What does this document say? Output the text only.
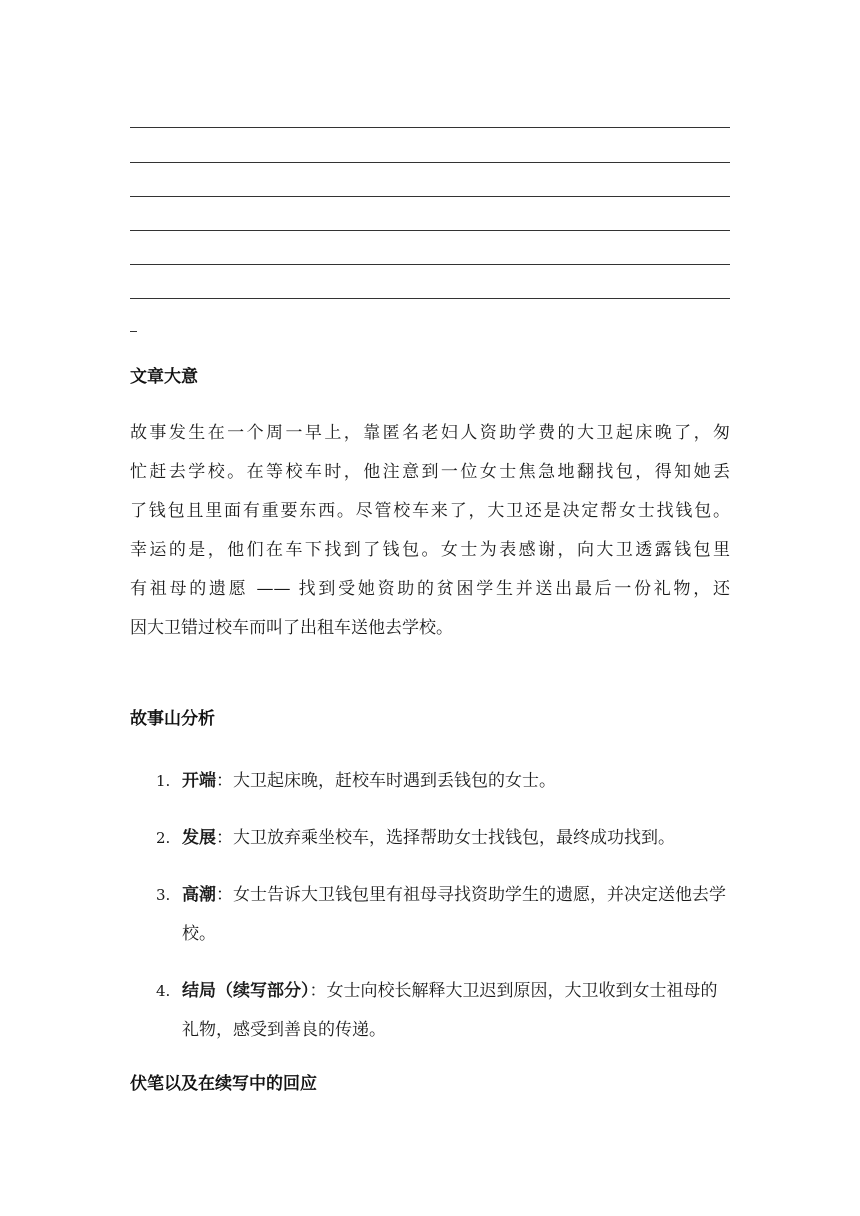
文章大意
故事发生在一个周一早上，靠匿名老妇人资助学费的大卫起床晚了，匆
忙赶去学校。在等校车时，他注意到一位女士焦急地翻找包，得知她丢
了钱包且里面有重要东西。尽管校车来了，大卫还是决定帮女士找钱包。
幸运的是，他们在车下找到了钱包。女士为表感谢，向大卫透露钱包里
有祖母的遗愿 —— 找到受她资助的贫困学生并送出最后一份礼物，还
因大卫错过校车而叫了出租车送他去学校。
故事山分析
1. 开端：大卫起床晚，赶校车时遇到丢钱包的女士。
2. 发展：大卫放弃乘坐校车，选择帮助女士找钱包，最终成功找到。
3. 高潮：女士告诉大卫钱包里有祖母寻找资助学生的遗愿，并决定送他去学校。
4. 结局（续写部分）：女士向校长解释大卫迟到原因，大卫收到女士祖母的礼物，感受到善良的传递。
伏笔以及在续写中的回应
